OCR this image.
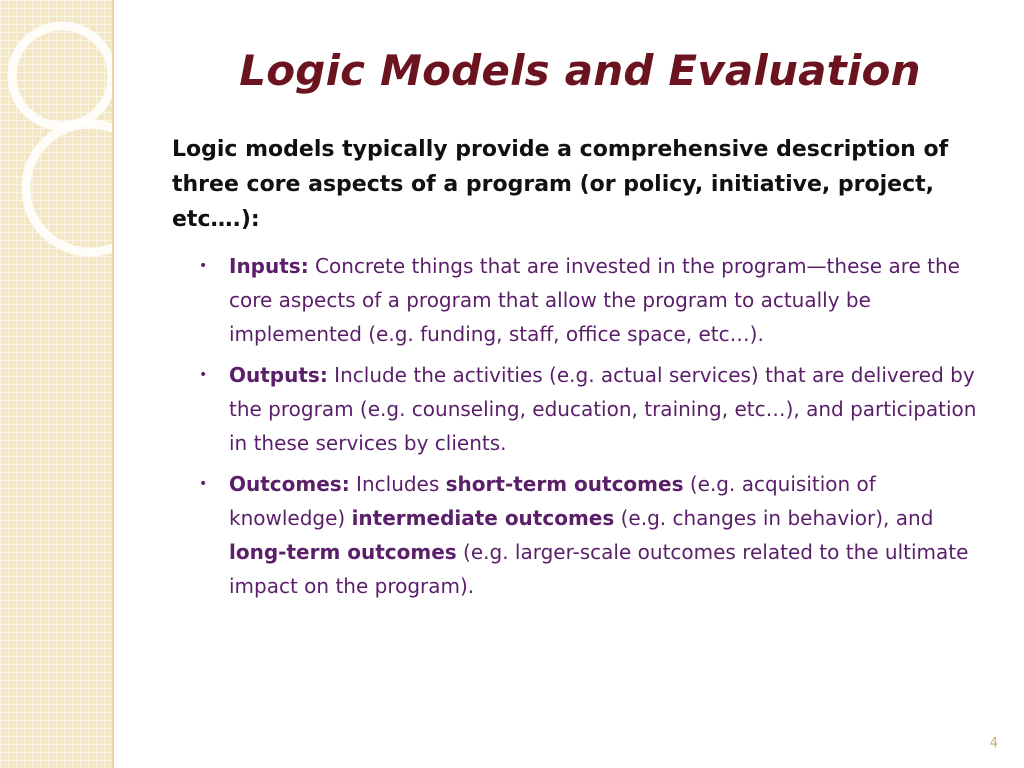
Logic Models and Evaluation
Logic models typically provide a comprehensive description of three core aspects of a program (or policy, initiative, project, etc….):
• Inputs: Concrete things that are invested in the program—these are the core aspects of a program that allow the program to actually be implemented (e.g. funding, staff, office space, etc…).
• Outputs: Include the activities (e.g. actual services) that are delivered by the program (e.g. counseling, education, training, etc…), and participation in these services by clients.
• Outcomes: Includes short-term outcomes (e.g. acquisition of knowledge) intermediate outcomes (e.g. changes in behavior), and long-term outcomes (e.g. larger-scale outcomes related to the ultimate impact on the program).
4
